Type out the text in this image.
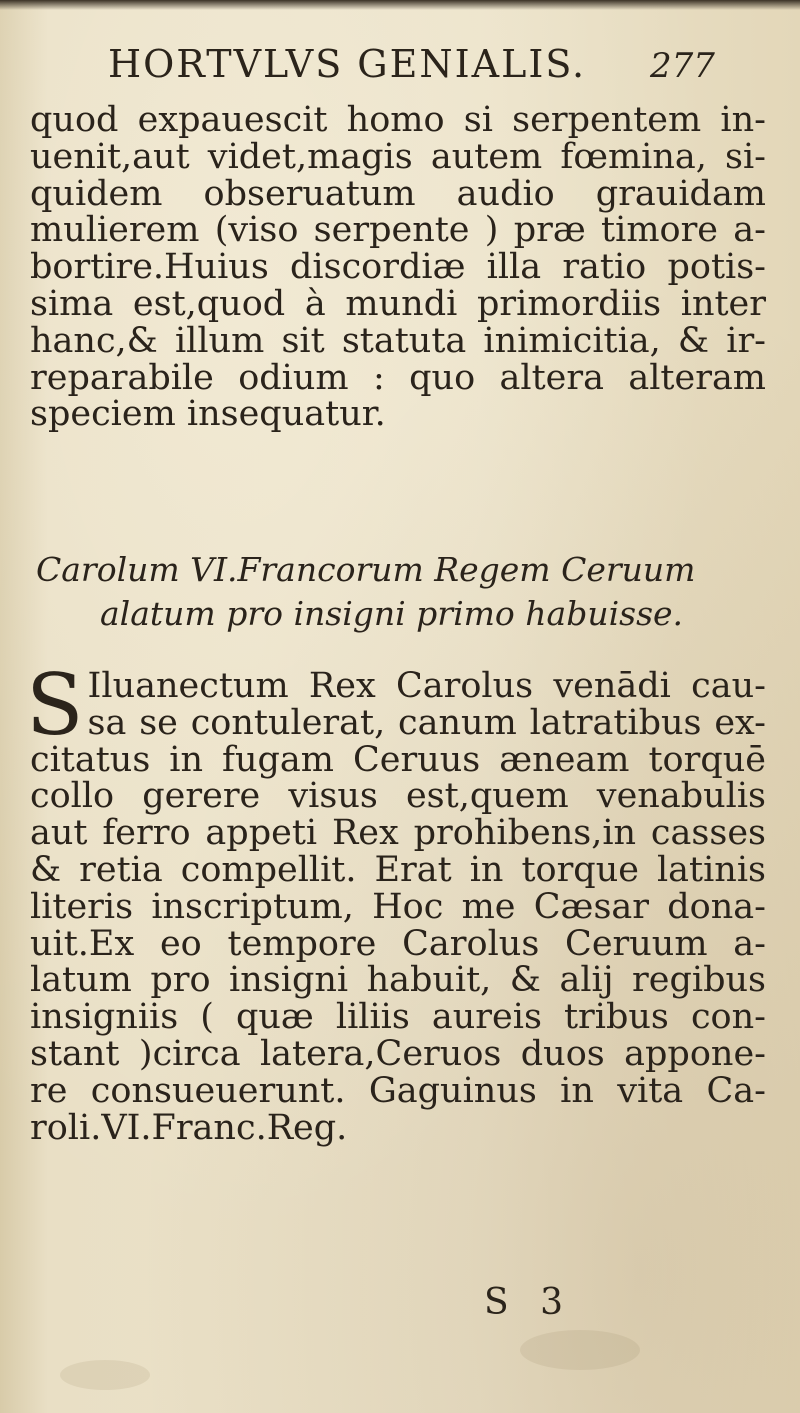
HORTVLVS GENIALIS. 277
quod expauescit homo si serpentem in-
uenit,aut videt,magis autem fœmina, si-
quidem obseruatum audio grauidam
mulierem (viso serpente ) præ timore a-
bortire.Huius discordiæ illa ratio potis-
sima est,quod à mundi primordiis inter
hanc,& illum sit statuta inimicitia, & ir-
reparabile odium : quo altera alteram
speciem insequatur.
Carolum VI.Francorum Regem Ceruum
alatum pro insigni primo habuisse.
S Iluanectum Rex Carolus venādi cau-
sa se contulerat, canum latratibus ex-
citatus in fugam Ceruus æneam torquē
collo gerere visus est,quem venabulis
aut ferro appeti Rex prohibens,in casses
& retia compellit. Erat in torque latinis
literis inscriptum, Hoc me Cæsar dona-
uit.Ex eo tempore Carolus Ceruum a-
latum pro insigni habuit, & alij regibus
insigniis ( quæ liliis aureis tribus con-
stant )circa latera,Ceruos duos appone-
re consueuerunt. Gaguinus in vita Ca-
roli.VI.Franc.Reg.
S 3
